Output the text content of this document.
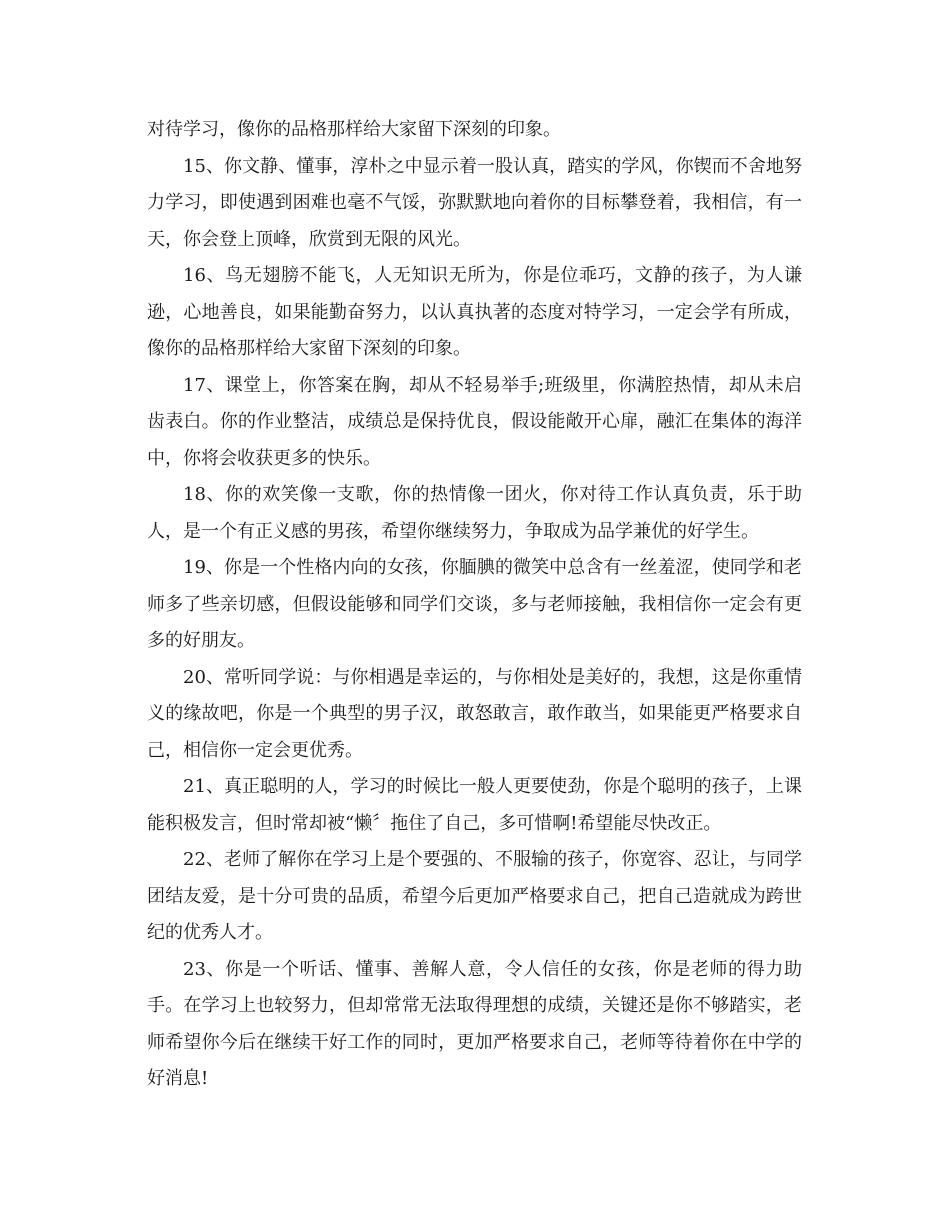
对待学习，像你的品格那样给大家留下深刻的印象。

15、你文静、懂事，淳朴之中显示着一股认真，踏实的学风，你锲而不舍地努力学习，即使遇到困难也毫不气馁，弥默默地向着你的目标攀登着，我相信，有一天，你会登上顶峰，欣赏到无限的风光。

16、鸟无翅膀不能飞，人无知识无所为，你是位乖巧，文静的孩子，为人谦逊，心地善良，如果能勤奋努力，以认真执著的态度对特学习，一定会学有所成，像你的品格那样给大家留下深刻的印象。

17、课堂上，你答案在胸，却从不轻易举手;班级里，你满腔热情，却从未启齿表白。你的作业整洁，成绩总是保持优良，假设能敞开心扉，融汇在集体的海洋中，你将会收获更多的快乐。

18、你的欢笑像一支歌，你的热情像一团火，你对待工作认真负责，乐于助人，是一个有正义感的男孩，希望你继续努力，争取成为品学兼优的好学生。

19、你是一个性格内向的女孩，你腼腆的微笑中总含有一丝羞涩，使同学和老师多了些亲切感，但假设能够和同学们交谈，多与老师接触，我相信你一定会有更多的好朋友。

20、常听同学说：与你相遇是幸运的，与你相处是美好的，我想，这是你重情义的缘故吧，你是一个典型的男子汉，敢怒敢言，敢作敢当，如果能更严格要求自己，相信你一定会更优秀。

21、真正聪明的人，学习的时候比一般人更要使劲，你是个聪明的孩子，上课能积极发言，但时常却被“懒〞拖住了自己，多可惜啊!希望能尽快改正。

22、老师了解你在学习上是个要强的、不服输的孩子，你宽容、忍让，与同学团结友爱，是十分可贵的品质，希望今后更加严格要求自己，把自己造就成为跨世纪的优秀人才。

23、你是一个听话、懂事、善解人意，令人信任的女孩，你是老师的得力助手。在学习上也较努力，但却常常无法取得理想的成绩，关键还是你不够踏实，老师希望你今后在继续干好工作的同时，更加严格要求自己，老师等待着你在中学的好消息!
